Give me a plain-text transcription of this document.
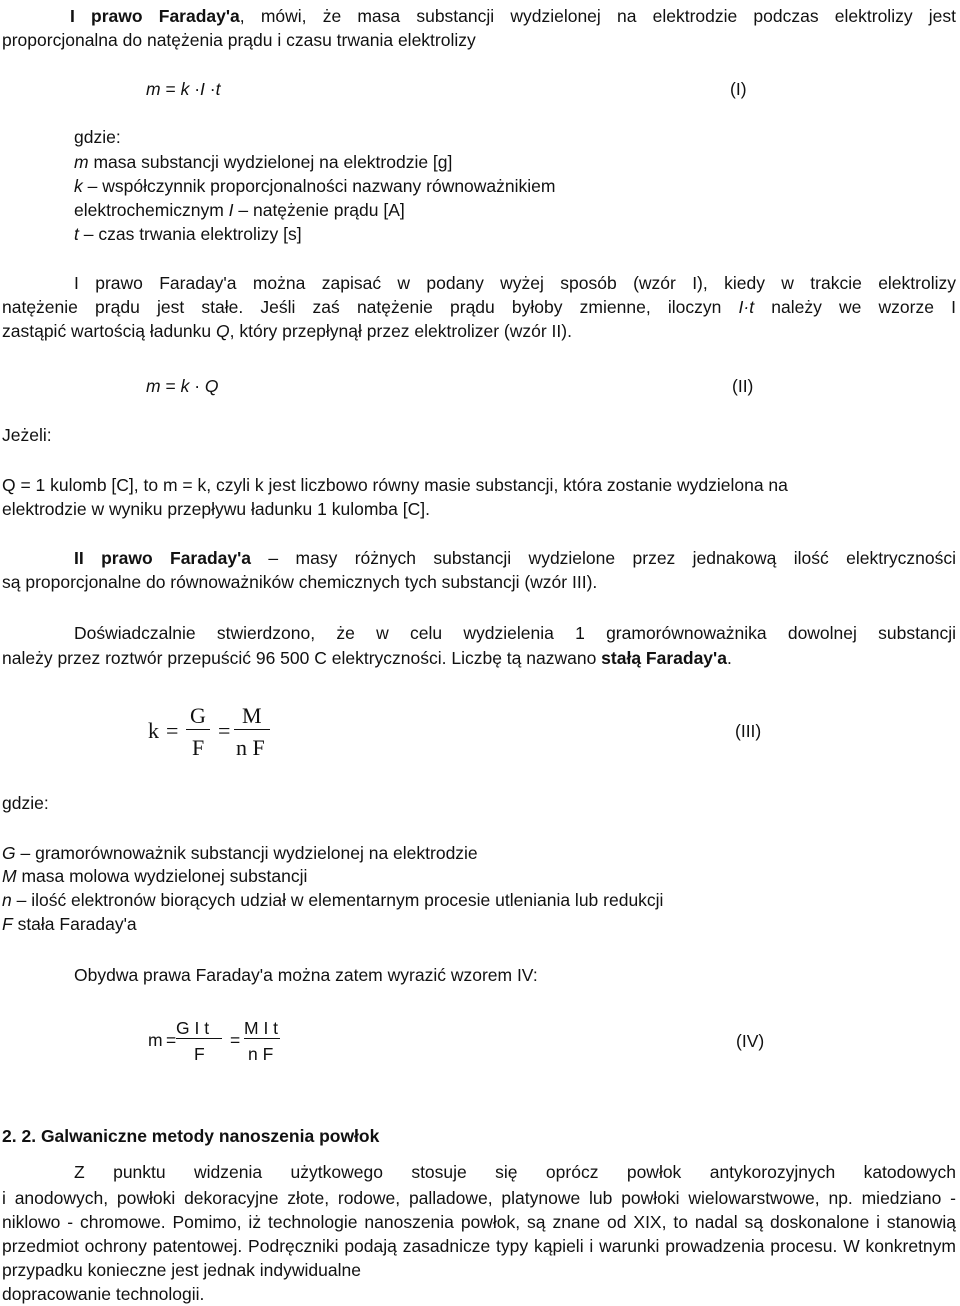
I prawo Faraday'a, mówi, że masa substancji wydzielonej na elektrodzie podczas elektrolizy jest
proporcjonalna do natężenia prądu i czasu trwania elektrolizy
m = k ·I ·t	(I)
gdzie:
m masa substancji wydzielonej na elektrodzie [g]
k – współczynnik proporcjonalności nazwany równoważnikiem
elektrochemicznym I – natężenie prądu [A]
t – czas trwania elektrolizy [s]
I prawo Faraday'a można zapisać w podany wyżej sposób (wzór I), kiedy w trakcie elektrolizy
natężenie prądu jest stałe. Jeśli zaś natężenie prądu byłoby zmienne, iloczyn I·t należy we wzorze I
zastąpić wartością ładunku Q, który przepłynął przez elektrolizer (wzór II).
m = k · Q	(II)
Jeżeli:
Q = 1 kulomb [C], to m = k, czyli k jest liczbowo równy masie substancji, która zostanie wydzielona na
elektrodzie w wyniku przepływu ładunku 1 kulomba [C].
II prawo Faraday'a – masy różnych substancji wydzielone przez jednakową ilość elektryczności
są proporcjonalne do równoważników chemicznych tych substancji (wzór III).
Doświadczalnie stwierdzono, że w celu wydzielenia 1 gramorównoważnika dowolnej substancji
należy przez roztwór przepuścić 96 500 C elektryczności. Liczbę tą nazwano stałą Faraday'a.
k =
G
F
=
M
n F
(III)
gdzie:
G – gramorównoważnik substancji wydzielonej na elektrodzie
M masa molowa wydzielonej substancji
n – ilość elektronów biorących udział w elementarnym procesie utleniania lub redukcji
F stała Faraday'a
Obydwa prawa Faraday'a można zatem wyrazić wzorem IV:
m =
G I t
F
=
M I t
n F
(IV)
2. 2. Galwaniczne metody nanoszenia powłok
Z punktu widzenia użytkowego stosuje się oprócz powłok antykorozyjnych katodowych
i anodowych, powłoki dekoracyjne złote, rodowe, palladowe, platynowe lub powłoki wielowarstwowe, np. miedziano - niklowo - chromowe. Pomimo, iż technologie nanoszenia powłok, są znane od XIX, to nadal są doskonalone i stanowią przedmiot ochrony patentowej. Podręczniki podają zasadnicze typy kąpieli i warunki prowadzenia procesu. W konkretnym przypadku konieczne jest jednak indywidualne
dopracowanie technologii.
